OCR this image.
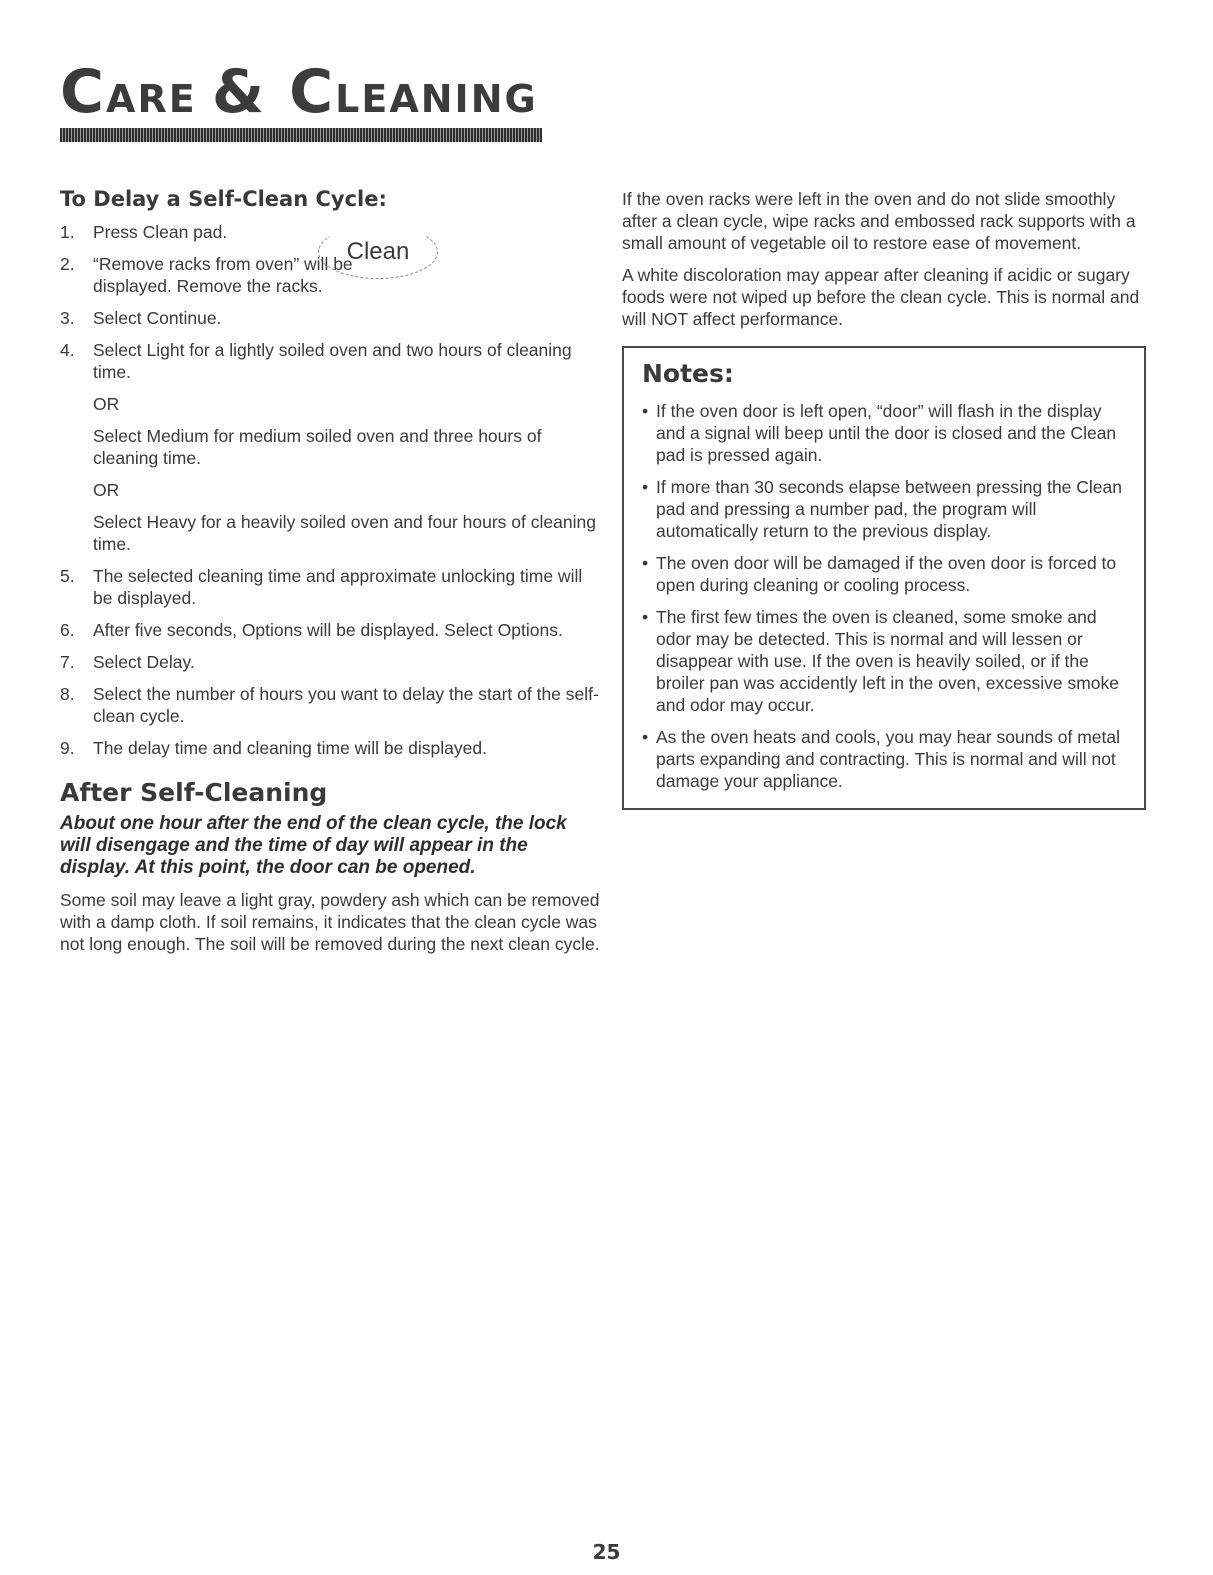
CARE & CLEANING
To Delay a Self-Clean Cycle:
Clean
1. Press Clean pad.
2. “Remove racks from oven” will be displayed. Remove the racks.
3. Select Continue.
4. Select Light for a lightly soiled oven and two hours of cleaning time.
OR
Select Medium for medium soiled oven and three hours of cleaning time.
OR
Select Heavy for a heavily soiled oven and four hours of cleaning time.
5. The selected cleaning time and approximate unlocking time will be displayed.
6. After five seconds, Options will be displayed. Select Options.
7. Select Delay.
8. Select the number of hours you want to delay the start of the self-clean cycle.
9. The delay time and cleaning time will be displayed.
After Self-Cleaning

About one hour after the end of the clean cycle, the lock will disengage and the time of day will appear in the display. At this point, the door can be opened.

Some soil may leave a light gray, powdery ash which can be removed with a damp cloth. If soil remains, it indicates that the clean cycle was not long enough. The soil will be removed during the next clean cycle.

If the oven racks were left in the oven and do not slide smoothly after a clean cycle, wipe racks and embossed rack supports with a small amount of vegetable oil to restore ease of movement.

A white discoloration may appear after cleaning if acidic or sugary foods were not wiped up before the clean cycle. This is normal and will NOT affect performance.

Notes:
• If the oven door is left open, “door” will flash in the display and a signal will beep until the door is closed and the Clean pad is pressed again.
• If more than 30 seconds elapse between pressing the Clean pad and pressing a number pad, the program will automatically return to the previous display.
• The oven door will be damaged if the oven door is forced to open during cleaning or cooling process.
• The first few times the oven is cleaned, some smoke and odor may be detected. This is normal and will lessen or disappear with use. If the oven is heavily soiled, or if the broiler pan was accidently left in the oven, excessive smoke and odor may occur.
• As the oven heats and cools, you may hear sounds of metal parts expanding and contracting. This is normal and will not damage your appliance.
25
